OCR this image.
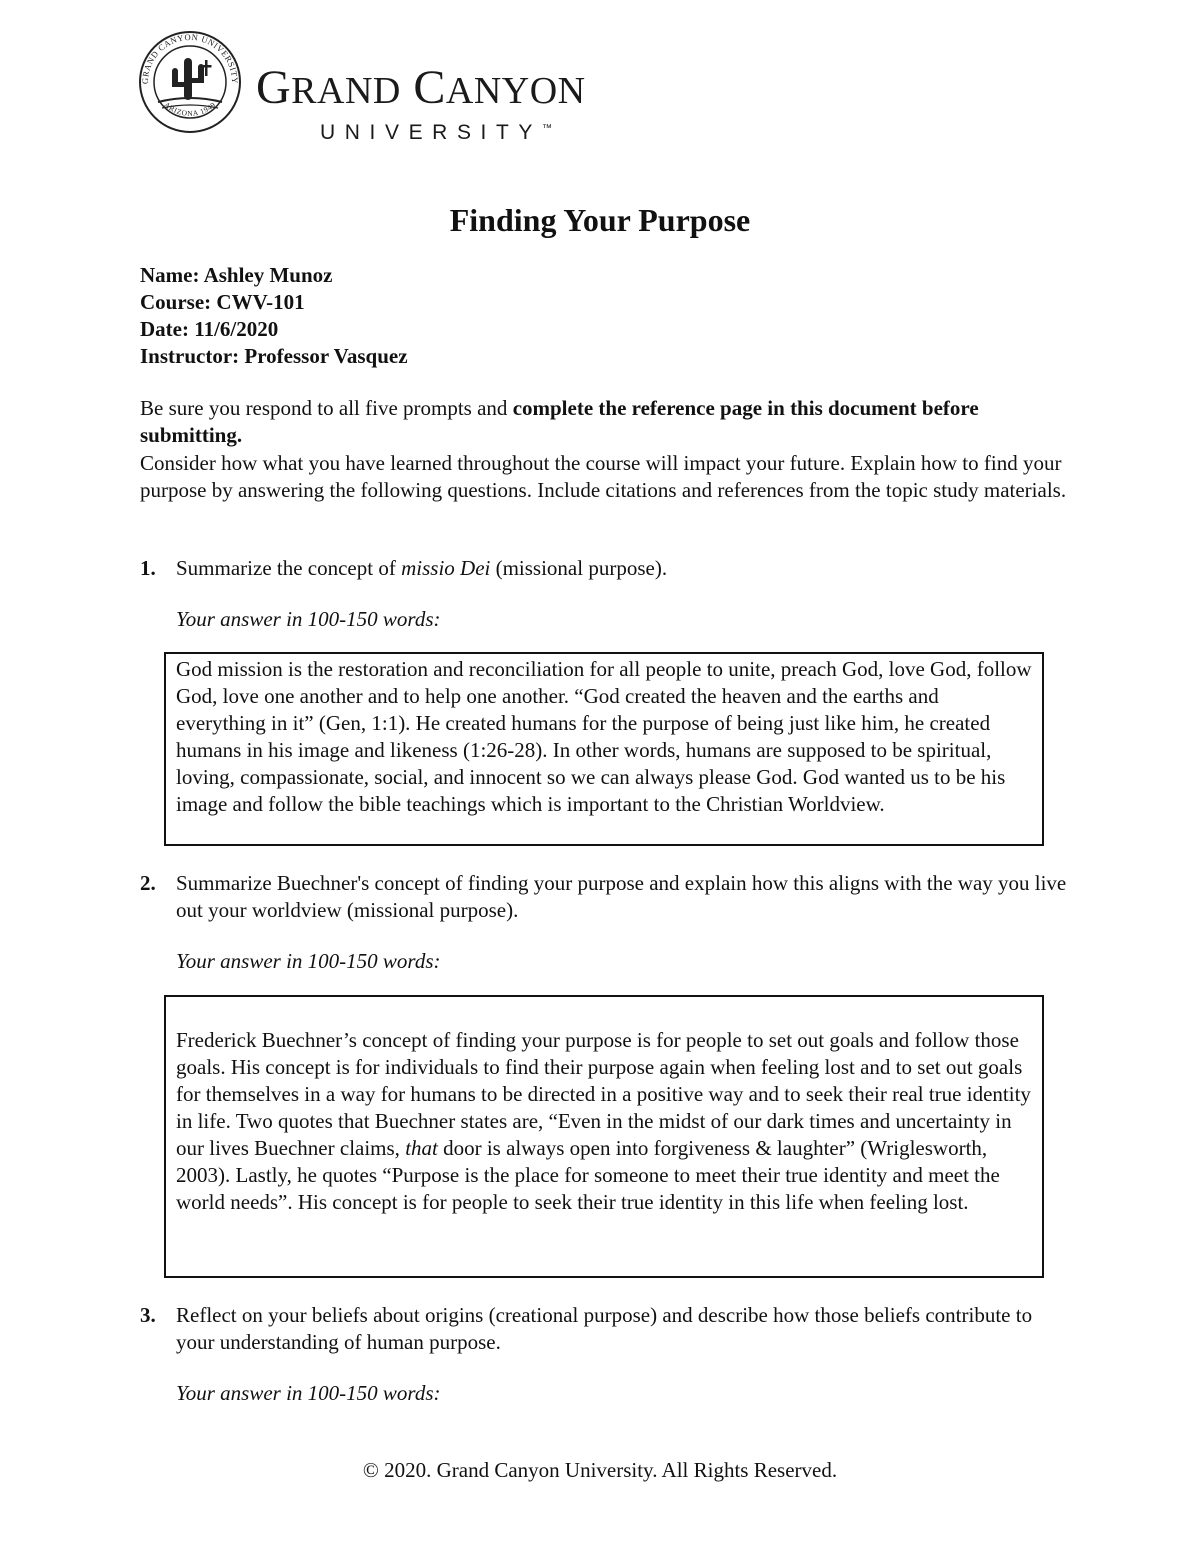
GRAND CANYON UNIVERSITY
ARIZONA 1949 GRAND CANYON
UNIVERSITY™
Finding Your Purpose
Name: Ashley Munoz
Course: CWV-101
Date: 11/6/2020
Instructor: Professor Vasquez
Be sure you respond to all five prompts and complete the reference page in this document before submitting.
Consider how what you have learned throughout the course will impact your future. Explain how to find your purpose by answering the following questions. Include citations and references from the topic study materials.
1. Summarize the concept of missio Dei (missional purpose).
Your answer in 100-150 words:
God mission is the restoration and reconciliation for all people to unite, preach God, love God, follow God, love one another and to help one another. “God created the heaven and the earths and everything in it” (Gen, 1:1). He created humans for the purpose of being just like him, he created humans in his image and likeness (1:26-28). In other words, humans are supposed to be spiritual, loving, compassionate, social, and innocent so we can always please God. God wanted us to be his image and follow the bible teachings which is important to the Christian Worldview.
2. Summarize Buechner's concept of finding your purpose and explain how this aligns with the way you live out your worldview (missional purpose).
Your answer in 100-150 words:
Frederick Buechner’s concept of finding your purpose is for people to set out goals and follow those goals. His concept is for individuals to find their purpose again when feeling lost and to set out goals for themselves in a way for humans to be directed in a positive way and to seek their real true identity in life. Two quotes that Buechner states are, “Even in the midst of our dark times and uncertainty in our lives Buechner claims, that door is always open into forgiveness & laughter” (Wriglesworth, 2003). Lastly, he quotes “Purpose is the place for someone to meet their true identity and meet the world needs”. His concept is for people to seek their true identity in this life when feeling lost.
3. Reflect on your beliefs about origins (creational purpose) and describe how those beliefs contribute to your understanding of human purpose.
Your answer in 100-150 words:
© 2020. Grand Canyon University. All Rights Reserved.
